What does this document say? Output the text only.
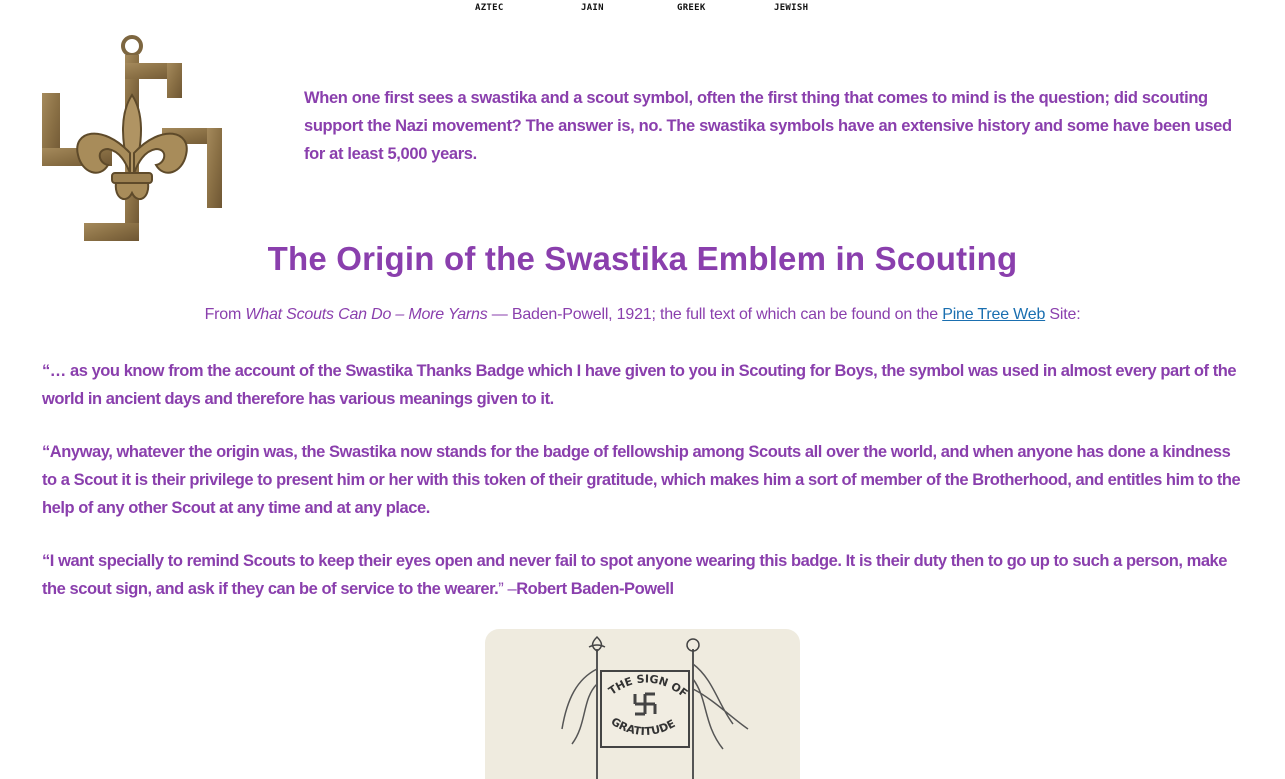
AZTEC	JAIN	GREEK	JEWISH

When one first sees a swastika and a scout symbol, often the first thing that comes to mind is the question; did scouting support the Nazi movement? The answer is, no. The swastika symbols have an extensive history and some have been used for at least 5,000 years.

The Origin of the Swastika Emblem in Scouting

From What Scouts Can Do – More Yarns — Baden-Powell, 1921; the full text of which can be found on the Pine Tree Web Site:

“… as you know from the account of the Swastika Thanks Badge which I have given to you in Scouting for Boys, the symbol was used in almost every part of the world in ancient days and therefore has various meanings given to it.

“Anyway, whatever the origin was, the Swastika now stands for the badge of fellowship among Scouts all over the world, and when anyone has done a kindness to a Scout it is their privilege to present him or her with this token of their gratitude, which makes him a sort of member of the Brotherhood, and entitles him to the help of any other Scout at any time and at any place.

“I want specially to remind Scouts to keep their eyes open and never fail to spot anyone wearing this badge. It is their duty then to go up to such a person, make the scout sign, and ask if they can be of service to the wearer.” –Robert Baden-Powell

THE SIGN OF
GRATITUDE
